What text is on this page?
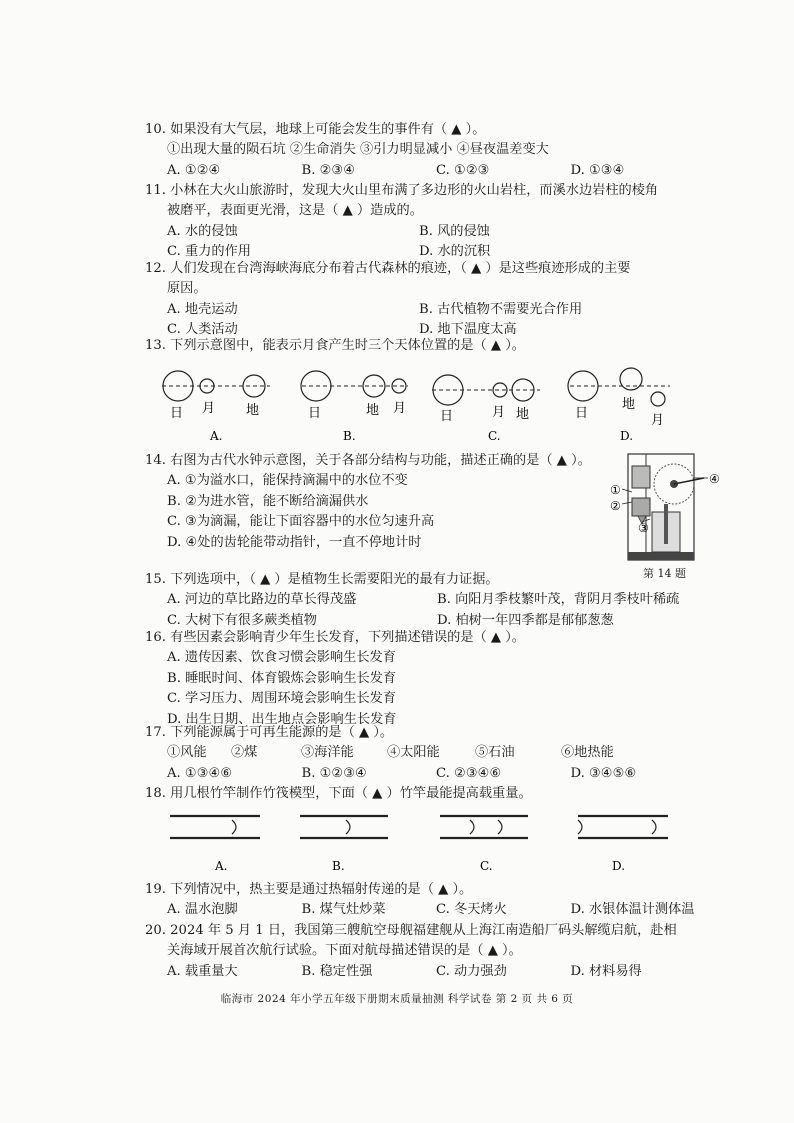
10. 如果没有大气层，地球上可能会发生的事件有（ ▲ ）。
①出现大量的陨石坑 ②生命消失 ③引力明显减小 ④昼夜温差变大
A. ①②④	B. ②③④	C. ①②③	D. ①③④
11. 小林在大火山旅游时，发现大火山里布满了多边形的火山岩柱，而溪水边岩柱的棱角
被磨平，表面更光滑，这是（ ▲ ）造成的。
A. 水的侵蚀	B. 风的侵蚀
C. 重力的作用	D. 水的沉积
12. 人们发现在台湾海峡海底分布着古代森林的痕迹，（ ▲ ）是这些痕迹形成的主要
原因。
A. 地壳运动	B. 古代植物不需要光合作用
C. 人类活动	D. 地下温度太高
13. 下列示意图中，能表示月食产生时三个天体位置的是（ ▲ ）。
日 月 地
A.
日	地 月
B.
日	月 地
C.
日
地
月
D.
14. 右图为古代水钟示意图，关于各部分结构与功能，描述正确的是（ ▲ ）。
A. ①为溢水口，能保持滴漏中的水位不变
B. ②为进水管，能不断给滴漏供水
C. ③为滴漏，能让下面容器中的水位匀速升高
D. ④处的齿轮能带动指针，一直不停地计时
①
②
③
④
第 14 题
15. 下列选项中，（ ▲ ）是植物生长需要阳光的最有力证据。
A. 河边的草比路边的草长得茂盛	B. 向阳月季枝繁叶茂，背阴月季枝叶稀疏
C. 大树下有很多蕨类植物	D. 柏树一年四季都是郁郁葱葱
16. 有些因素会影响青少年生长发育，下列描述错误的是（ ▲ ）。
A. 遗传因素、饮食习惯会影响生长发育
B. 睡眠时间、体育锻炼会影响生长发育
C. 学习压力、周围环境会影响生长发育
D. 出生日期、出生地点会影响生长发育
17. 下列能源属于可再生能源的是（ ▲ ）。
①风能	②煤	③海洋能	④太阳能	⑤石油	⑥地热能
A. ①③④⑥	B. ①②③④	C. ②③④⑥	D. ③④⑤⑥
18. 用几根竹竿制作竹筏模型，下面（ ▲ ）竹竿最能提高载重量。
A.	B.	C.	D.
19. 下列情况中，热主要是通过热辐射传递的是（ ▲ ）。
A. 温水泡脚	B. 煤气灶炒菜	C. 冬天烤火	D. 水银体温计测体温
20. 2024 年 5 月 1 日，我国第三艘航空母舰福建舰从上海江南造船厂码头解缆启航，赴相
关海域开展首次航行试验。下面对航母描述错误的是（ ▲ ）。
A. 载重量大	B. 稳定性强	C. 动力强劲	D. 材料易得
临海市 2024 年小学五年级下册期末质量抽测 科学试卷 第 2 页 共 6 页
